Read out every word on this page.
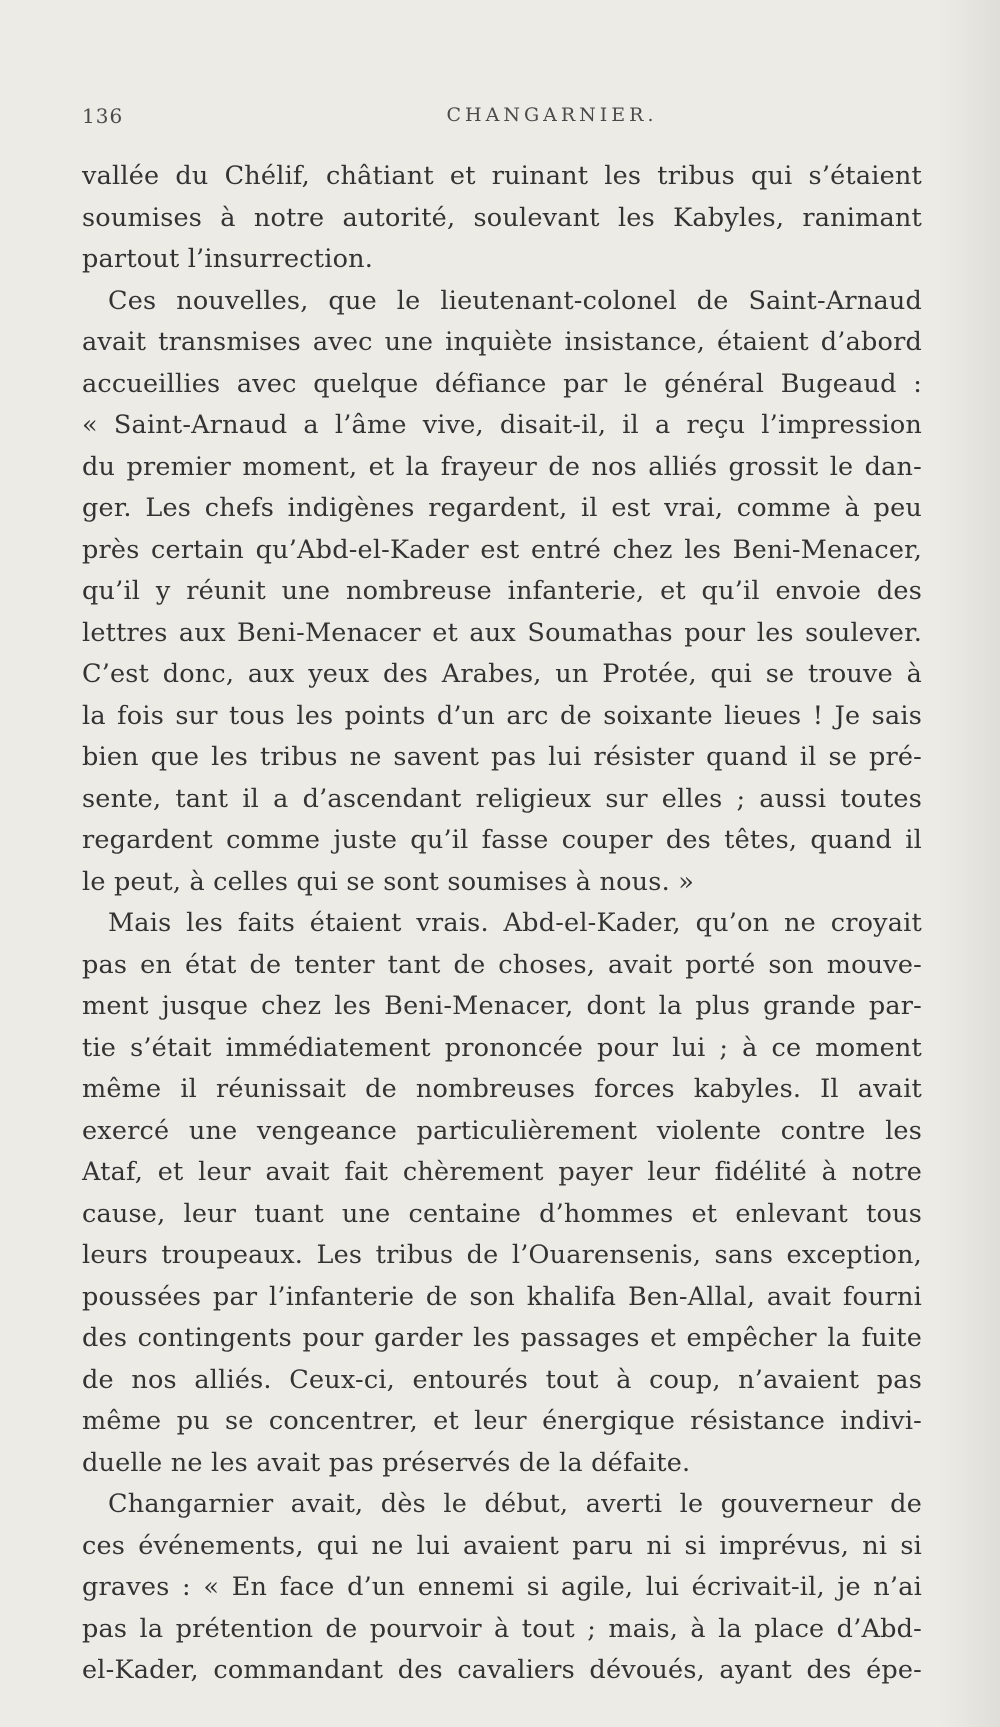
136	CHANGARNIER.
vallée du Chélif, châtiant et ruinant les tribus qui s’étaient
soumises à notre autorité, soulevant les Kabyles, ranimant
partout l’insurrection.
Ces nouvelles, que le lieutenant-colonel de Saint-Arnaud
avait transmises avec une inquiète insistance, étaient d’abord
accueillies avec quelque défiance par le général Bugeaud :
« Saint-Arnaud a l’âme vive, disait-il, il a reçu l’impression
du premier moment, et la frayeur de nos alliés grossit le dan-
ger. Les chefs indigènes regardent, il est vrai, comme à peu
près certain qu’Abd-el-Kader est entré chez les Beni-Menacer,
qu’il y réunit une nombreuse infanterie, et qu’il envoie des
lettres aux Beni-Menacer et aux Soumathas pour les soulever.
C’est donc, aux yeux des Arabes, un Protée, qui se trouve à
la fois sur tous les points d’un arc de soixante lieues ! Je sais
bien que les tribus ne savent pas lui résister quand il se pré-
sente, tant il a d’ascendant religieux sur elles ; aussi toutes
regardent comme juste qu’il fasse couper des têtes, quand il
le peut, à celles qui se sont soumises à nous. »
Mais les faits étaient vrais. Abd-el-Kader, qu’on ne croyait
pas en état de tenter tant de choses, avait porté son mouve-
ment jusque chez les Beni-Menacer, dont la plus grande par-
tie s’était immédiatement prononcée pour lui ; à ce moment
même il réunissait de nombreuses forces kabyles. Il avait
exercé une vengeance particulièrement violente contre les
Ataf, et leur avait fait chèrement payer leur fidélité à notre
cause, leur tuant une centaine d’hommes et enlevant tous
leurs troupeaux. Les tribus de l’Ouarensenis, sans exception,
poussées par l’infanterie de son khalifa Ben-Allal, avait fourni
des contingents pour garder les passages et empêcher la fuite
de nos alliés. Ceux-ci, entourés tout à coup, n’avaient pas
même pu se concentrer, et leur énergique résistance indivi-
duelle ne les avait pas préservés de la défaite.
Changarnier avait, dès le début, averti le gouverneur de
ces événements, qui ne lui avaient paru ni si imprévus, ni si
graves : « En face d’un ennemi si agile, lui écrivait-il, je n’ai
pas la prétention de pourvoir à tout ; mais, à la place d’Abd-
el-Kader, commandant des cavaliers dévoués, ayant des épe-
